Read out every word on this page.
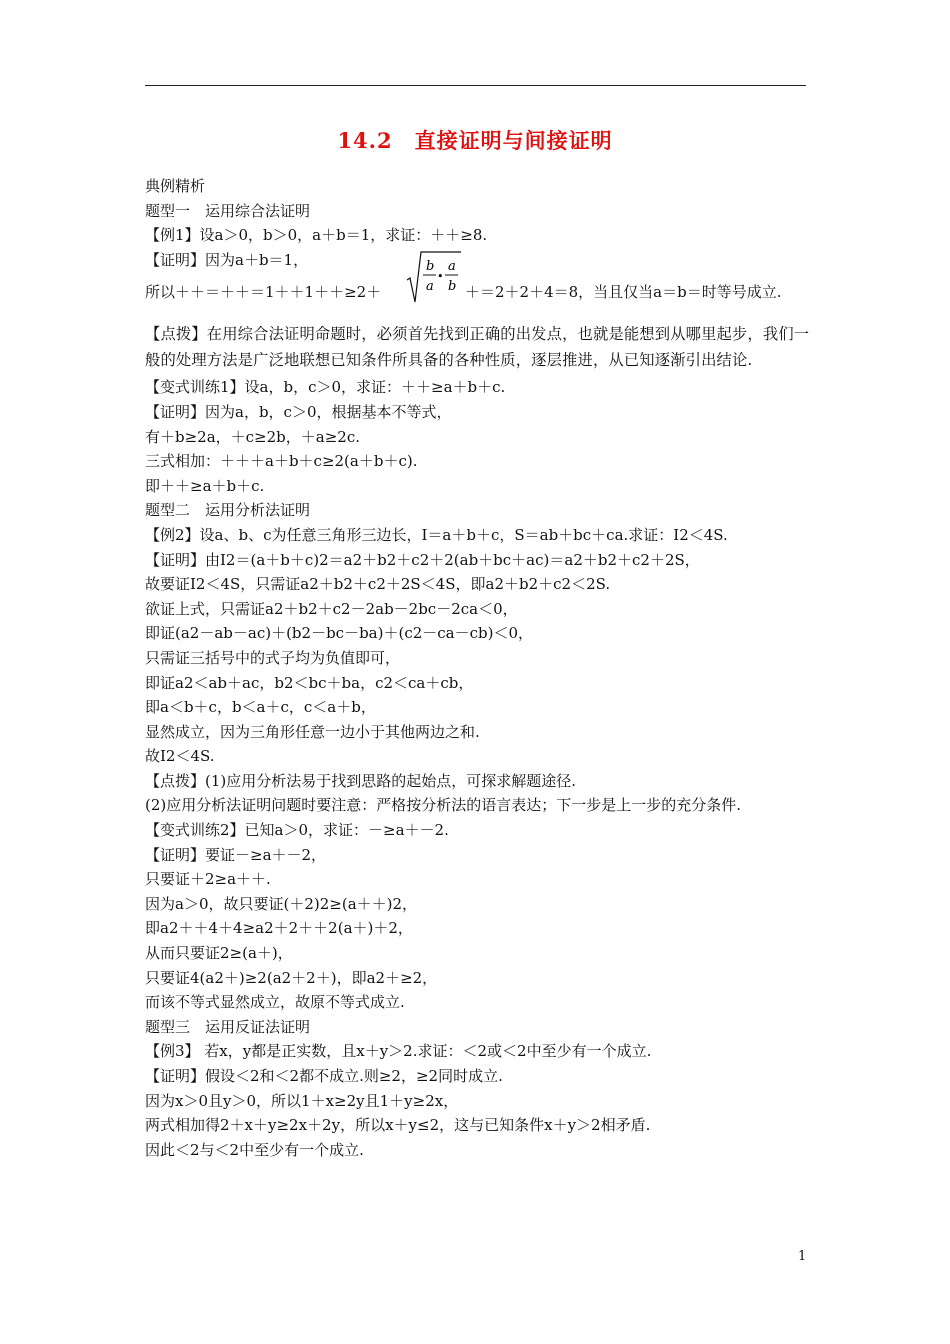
14.2　直接证明与间接证明
典例精析
题型一　运用综合法证明
【例1】设a＞0，b＞0，a＋b＝1，求证：＋＋≥8.
【证明】因为a＋b＝1，
所以＋＋＝＋＋＝1＋＋1＋＋≥2＋
b
a
•
a
b ＋＝2＋2＋4＝8，当且仅当a＝b＝时等号成立.
【点拨】在用综合法证明命题时，必须首先找到正确的出发点，也就是能想到从哪里起步，我们一般的处理方法是广泛地联想已知条件所具备的各种性质，逐层推进，从已知逐渐引出结论.
【变式训练1】设a，b，c＞0，求证：＋＋≥a＋b＋c.
【证明】因为a，b，c＞0，根据基本不等式，
有＋b≥2a，＋c≥2b，＋a≥2c.
三式相加：＋＋＋a＋b＋c≥2(a＋b＋c).
即＋＋≥a＋b＋c.
题型二　运用分析法证明
【例2】设a、b、c为任意三角形三边长，I＝a＋b＋c，S＝ab＋bc＋ca.求证：I2＜4S.
【证明】由I2＝(a＋b＋c)2＝a2＋b2＋c2＋2(ab＋bc＋ac)＝a2＋b2＋c2＋2S，
故要证I2＜4S，只需证a2＋b2＋c2＋2S＜4S，即a2＋b2＋c2＜2S.
欲证上式，只需证a2＋b2＋c2－2ab－2bc－2ca＜0，
即证(a2－ab－ac)＋(b2－bc－ba)＋(c2－ca－cb)＜0，
只需证三括号中的式子均为负值即可，
即证a2＜ab＋ac，b2＜bc＋ba，c2＜ca＋cb，
即a＜b＋c，b＜a＋c，c＜a＋b，
显然成立，因为三角形任意一边小于其他两边之和.
故I2＜4S.
【点拨】(1)应用分析法易于找到思路的起始点，可探求解题途径.
(2)应用分析法证明问题时要注意：严格按分析法的语言表达；下一步是上一步的充分条件.
【变式训练2】已知a＞0，求证：－≥a＋－2.
【证明】要证－≥a＋－2，
只要证＋2≥a＋＋.
因为a＞0，故只要证(＋2)2≥(a＋＋)2，
即a2＋＋4＋4≥a2＋2＋＋2(a＋)＋2，
从而只要证2≥(a＋)，
只要证4(a2＋)≥2(a2＋2＋)，即a2＋≥2，
而该不等式显然成立，故原不等式成立.
题型三　运用反证法证明
【例3】 若x，y都是正实数，且x＋y＞2.求证：＜2或＜2中至少有一个成立.
【证明】假设＜2和＜2都不成立.则≥2，≥2同时成立.
因为x＞0且y＞0，所以1＋x≥2y且1＋y≥2x，
两式相加得2＋x＋y≥2x＋2y，所以x＋y≤2，这与已知条件x＋y＞2相矛盾.
因此＜2与＜2中至少有一个成立.
1
